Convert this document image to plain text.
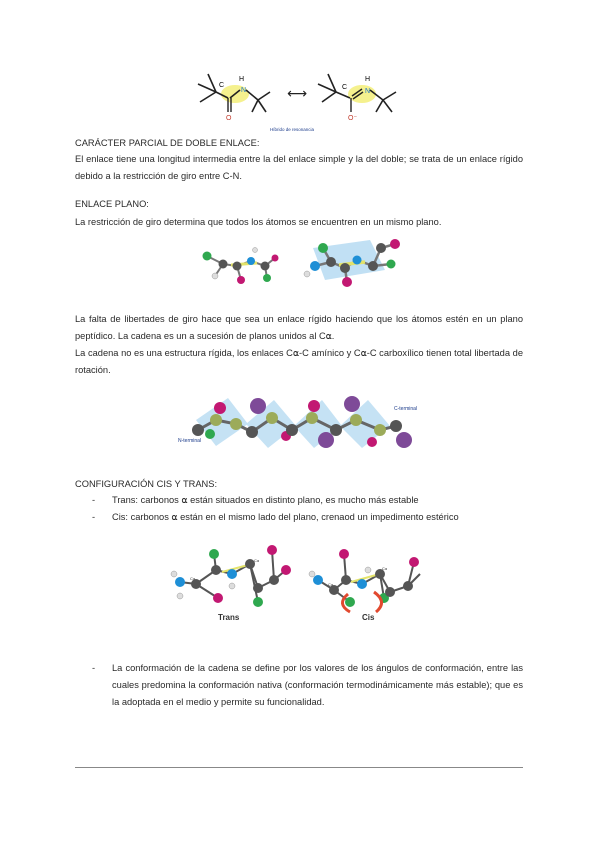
C
H
N
O
⟷	C
H
N
O⁻
Híbrido de resonancia

CARÁCTER PARCIAL DE DOBLE ENLACE:

El enlace tiene una longitud intermedia entre la del enlace simple y la del doble; se trata de un enlace rígido debido a la restricción de giro entre C-N.

ENLACE PLANO:

La restricción de giro determina que todos los átomos se encuentren en un mismo plano.

La falta de libertades de giro hace que sea un enlace rígido haciendo que los átomos estén en un plano peptídico. La cadena es un a sucesión de planos unidos al C⍺.

La cadena no es una estructura rígida, los enlaces C⍺-C amínico y C⍺-C carboxílico tienen total libertada de rotación.

N-terminal
C-terminal

CONFIGURACIÓN CIS Y TRANS:

- Trans: carbonos ⍺ están situados en distinto plano, es mucho más estable
- Cis: carbonos ⍺ están en el mismo lado del plano, crenaod un impedimento estérico
Cα
Cα
Trans
Cα
Cα
Cis
- La conformación de la cadena se define por los valores de los ángulos de conformación, entre las cuales predomina la conformación nativa (conformación termodinámicamente más estable); que es la adoptada en el medio y permite su funcionalidad.
